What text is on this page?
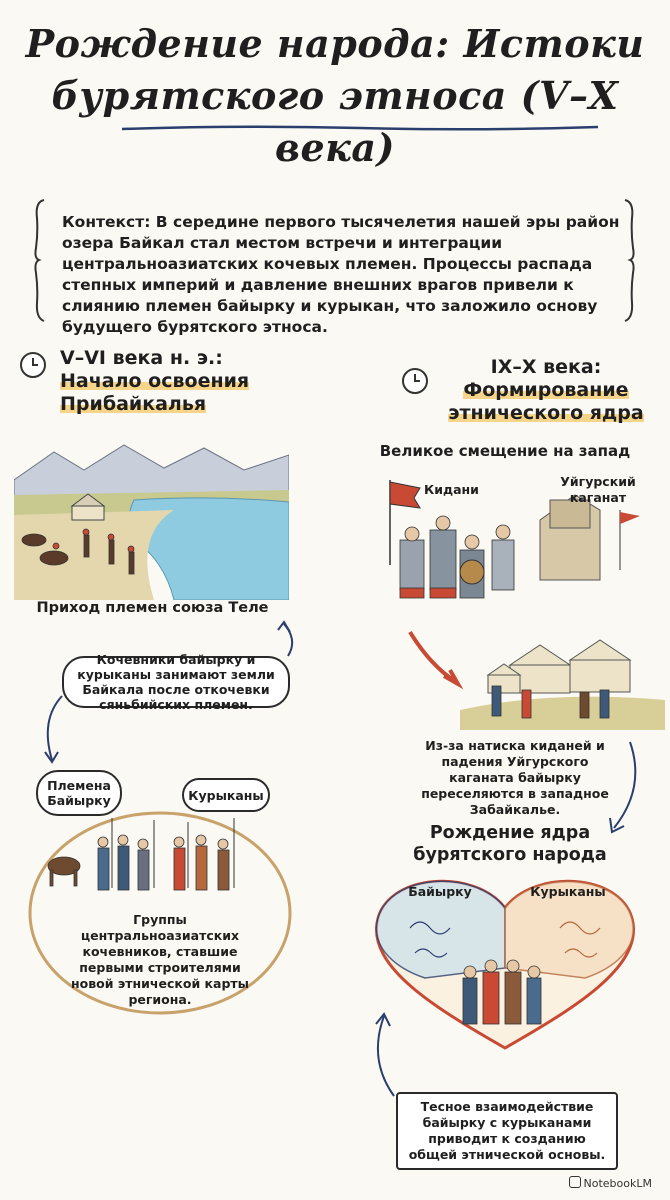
Рождение народа: Истоки
бурятского этноса (V–X века)
Контекст: В середине первого тысячелетия нашей эры район озера Байкал стал местом встречи и интеграции центральноазиатских кочевых племен. Процессы распада степных империй и давление внешних врагов привели к слиянию племен байырку и курыкан, что заложило основу будущего бурятского этноса.
V–VI века н. э.:
Начало освоения
Прибайкалья
Приход племен союза Теле
Кочевники байырку и курыканы занимают земли Байкала после откочевки сяньбийских племен.
Племена Байырку	Курыканы
Группы центральноазиатских кочевников, ставшие первыми строителями новой этнической карты региона.
IX–X века:
Формирование
этнического ядра
Великое смещение на запад
Кидани
Уйгурский каганат
Из-за натиска киданей и падения Уйгурского каганата байырку переселяются в западное Забайкалье.
Рождение ядра бурятского народа
Байырку	Курыканы
Тесное взаимодействие байырку с курыканами приводит к созданию общей этнической основы.
NotebookLM
